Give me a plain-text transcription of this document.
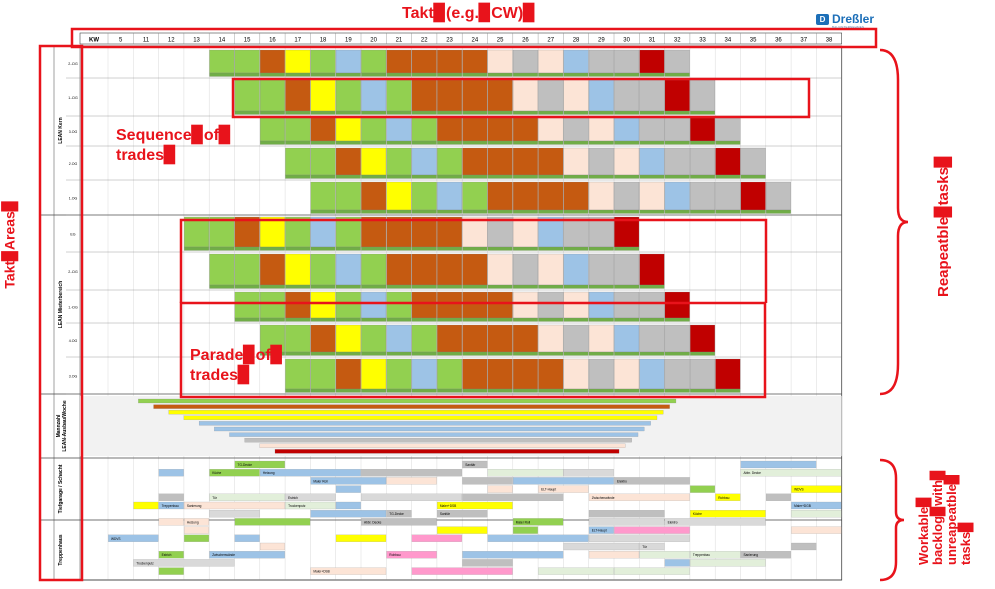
LEAN Kern
LEAN Mieterbereich
Mannzahl LEAN-Ausbau/Woche
Tiefgarage / Schacht
Treppenhaus
2.-DG
1.-DG
3.OG
2.OG
1.OG
EG
2.-DG
1.-DG
4.OG
3.OG
TG-Decke	Sanitär
Küche	Heizung	Abbr. Decke
Maler Roll	Elektro
ELT-Haupt	WDVS
Tür	Estrich	Zwischenwände	Rohbau
Treppenbau	Sanierung	Trockenputz	Maler+DSB	Maler+DGB
TG-Decke	Sanitär	Küche
Heizung	Abbr. Decke	Maler Roll	Elektro
ELT-Haupt
WDVS
Tür
Estrich	Zwischenwände	Rohbau	Treppenbau	Sanierung
Trockenputz
Maler+DSB
KW	5	11	12	13	14	15	16	17	18	19	20	21	22	23	24	25	26	27	28	29	30	31	32	33	34	35	36	37	38
D Dreßler
BAUUNTERNEHMEN
Takt▉(e.g.▉CW)▉
Sequence▉of▉
trades▉
Parade▉of▉
trades▉
Takt▉Areas▉	Reapeatble▉tasks▉
Workable▉ backlog▉with▉ unreapeatble▉ tasks▉
